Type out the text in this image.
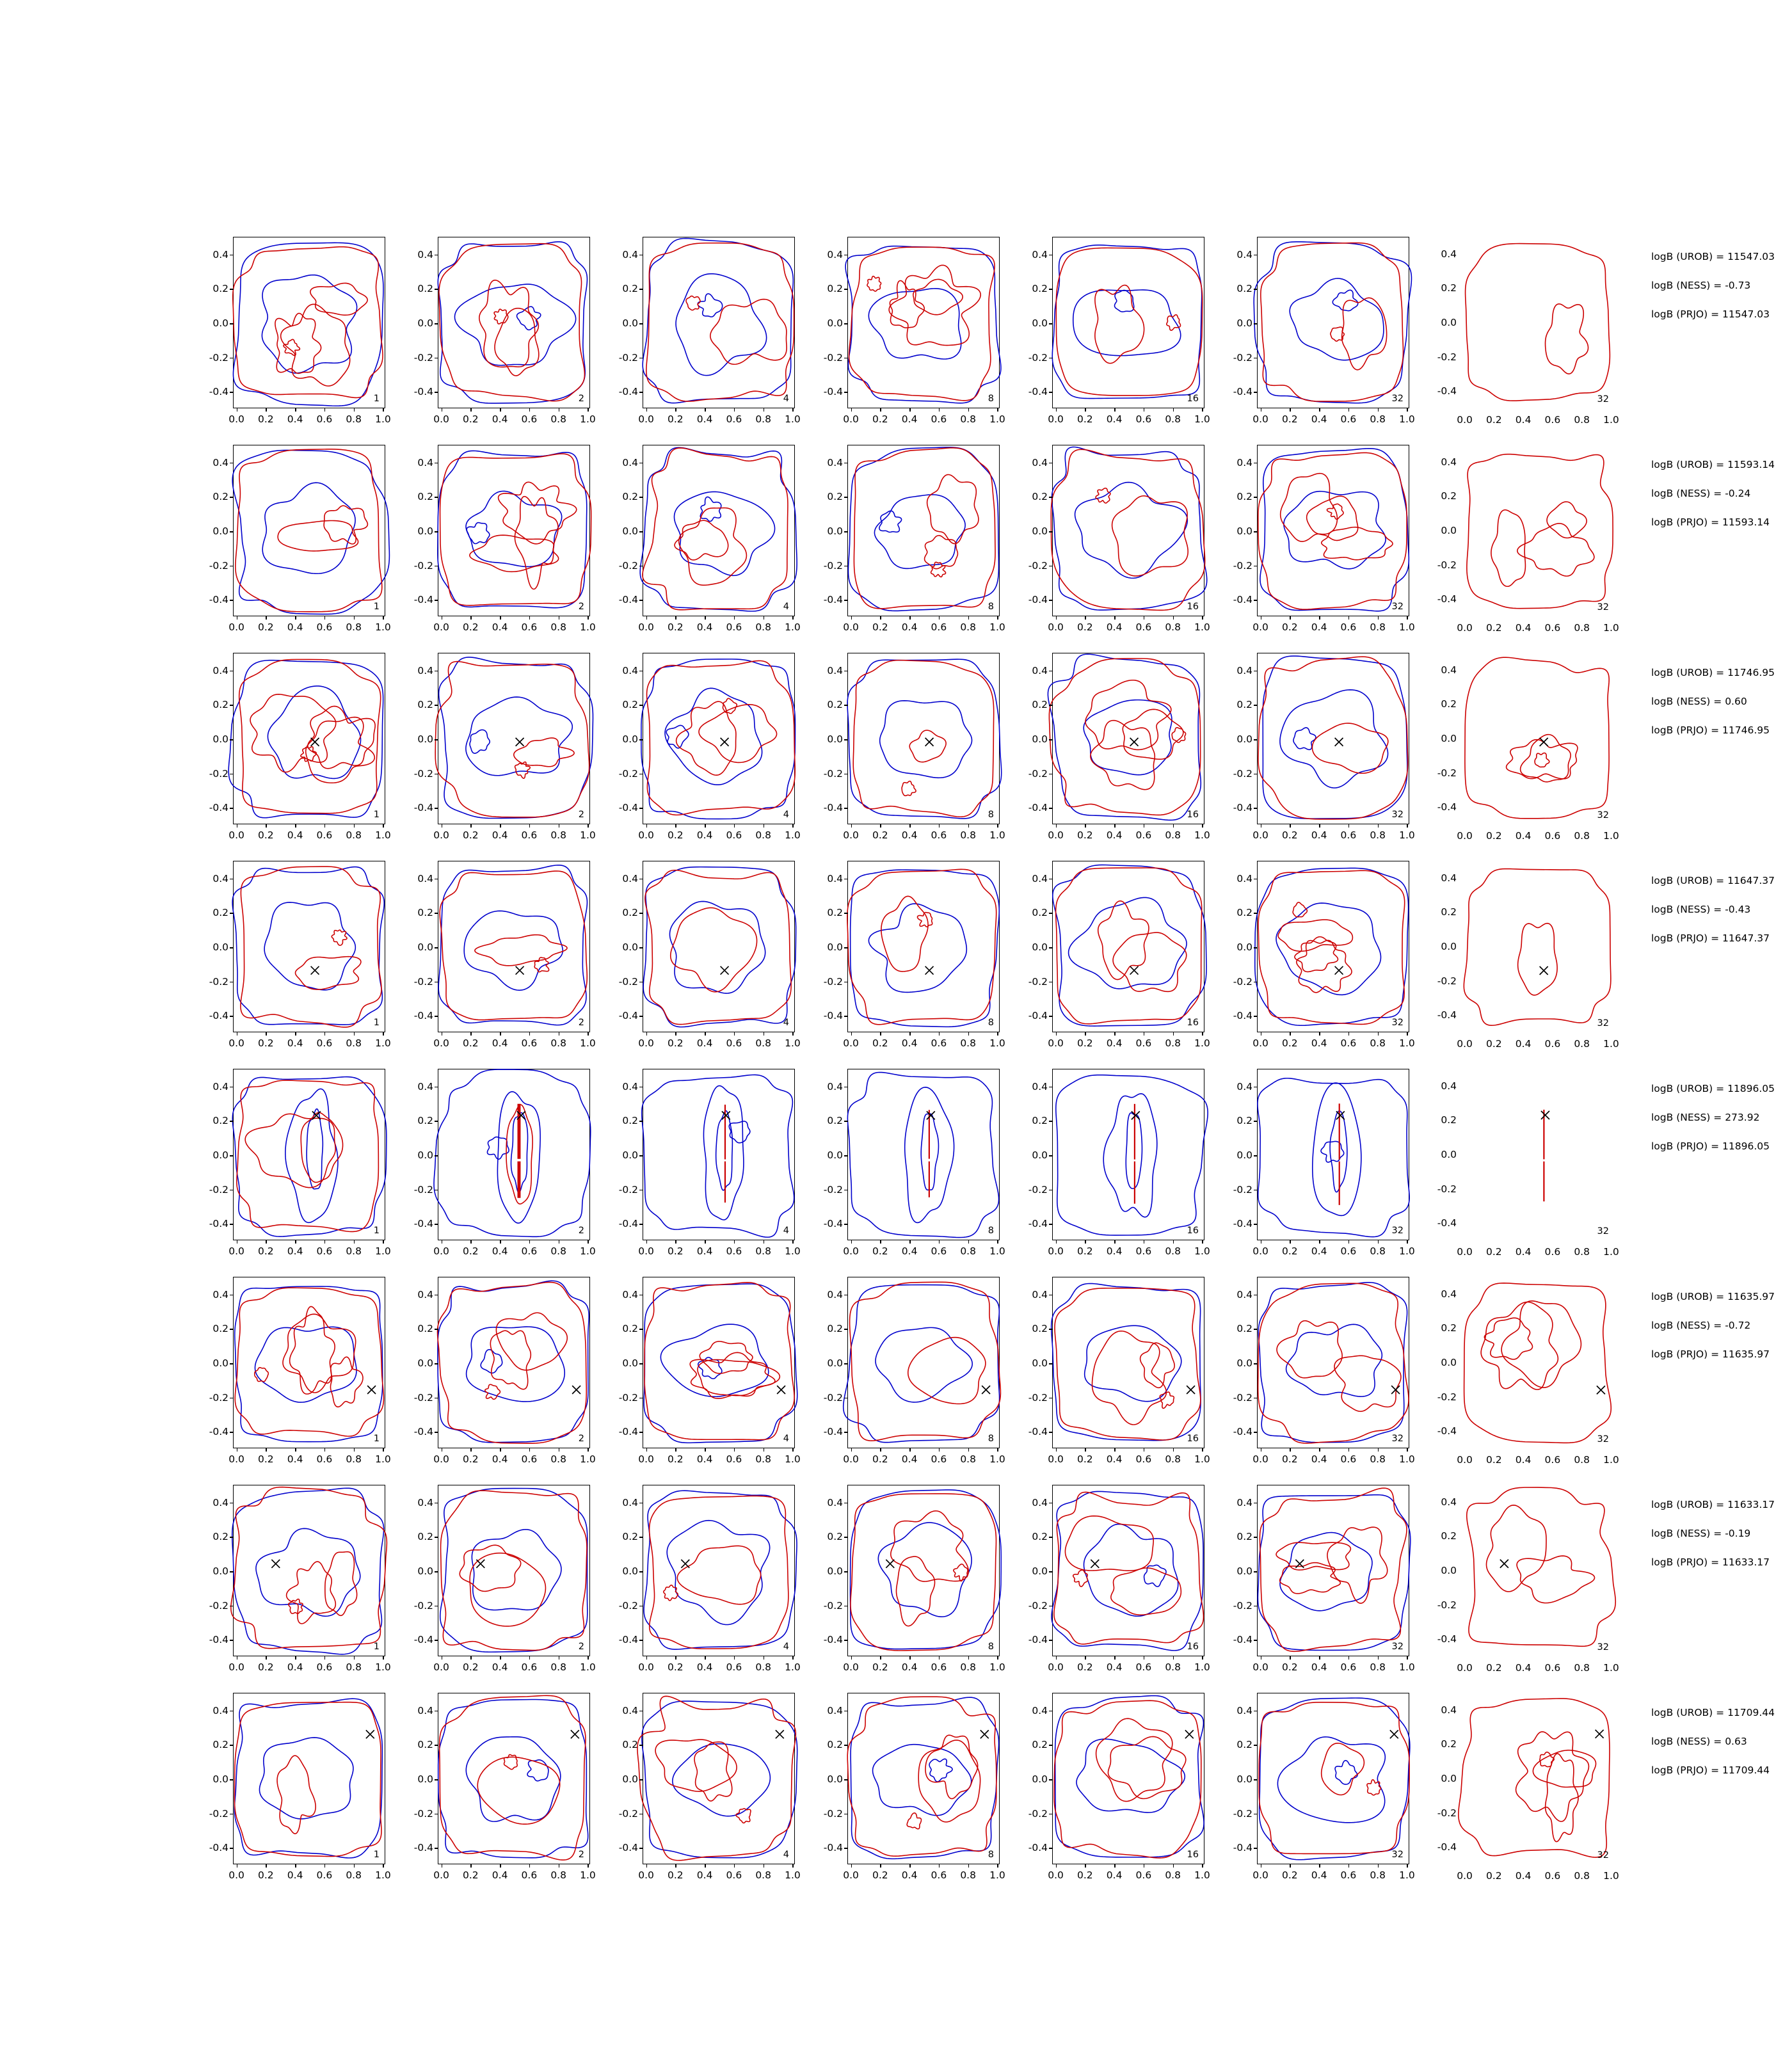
1
-0.4
-0.2
0.0
0.2
0.4
0.0 0.2 0.4 0.6 0.8 1.0
2
-0.4
-0.2
0.0
0.2
0.4
0.0 0.2 0.4 0.6 0.8 1.0
4
-0.4
-0.2
0.0
0.2
0.4
0.0 0.2 0.4 0.6 0.8 1.0
8
-0.4
-0.2
0.0
0.2
0.4
0.0 0.2 0.4 0.6 0.8 1.0
16
-0.4
-0.2
0.0
0.2
0.4
0.0 0.2 0.4 0.6 0.8 1.0
32
-0.4
-0.2
0.0
0.2
0.4
0.0 0.2 0.4 0.6 0.8 1.0
32
-0.4
-0.2
0.0
0.2
0.4
0.0 0.2 0.4 0.6 0.8 1.0
1
-0.4
-0.2
0.0
0.2
0.4
0.0 0.2 0.4 0.6 0.8 1.0
2
-0.4
-0.2
0.0
0.2
0.4
0.0 0.2 0.4 0.6 0.8 1.0
4
-0.4
-0.2
0.0
0.2
0.4
0.0 0.2 0.4 0.6 0.8 1.0
8
-0.4
-0.2
0.0
0.2
0.4
0.0 0.2 0.4 0.6 0.8 1.0
16
-0.4
-0.2
0.0
0.2
0.4
0.0 0.2 0.4 0.6 0.8 1.0
32
-0.4
-0.2
0.0
0.2
0.4
0.0 0.2 0.4 0.6 0.8 1.0
32
-0.4
-0.2
0.0
0.2
0.4
0.0 0.2 0.4 0.6 0.8 1.0
1
-0.4
-0.2
0.0
0.2
0.4
0.0 0.2 0.4 0.6 0.8 1.0
2
-0.4
-0.2
0.0
0.2
0.4
0.0 0.2 0.4 0.6 0.8 1.0
4
-0.4
-0.2
0.0
0.2
0.4
0.0 0.2 0.4 0.6 0.8 1.0
8
-0.4
-0.2
0.0
0.2
0.4
0.0 0.2 0.4 0.6 0.8 1.0
16
-0.4
-0.2
0.0
0.2
0.4
0.0 0.2 0.4 0.6 0.8 1.0
32
-0.4
-0.2
0.0
0.2
0.4
0.0 0.2 0.4 0.6 0.8 1.0
32
-0.4
-0.2
0.0
0.2
0.4
0.0 0.2 0.4 0.6 0.8 1.0
1
-0.4
-0.2
0.0
0.2
0.4
0.0 0.2 0.4 0.6 0.8 1.0
2
-0.4
-0.2
0.0
0.2
0.4
0.0 0.2 0.4 0.6 0.8 1.0
4
-0.4
-0.2
0.0
0.2
0.4
0.0 0.2 0.4 0.6 0.8 1.0
8
-0.4
-0.2
0.0
0.2
0.4
0.0 0.2 0.4 0.6 0.8 1.0
16
-0.4
-0.2
0.0
0.2
0.4
0.0 0.2 0.4 0.6 0.8 1.0
32
-0.4
-0.2
0.0
0.2
0.4
0.0 0.2 0.4 0.6 0.8 1.0
32
-0.4
-0.2
0.0
0.2
0.4
0.0 0.2 0.4 0.6 0.8 1.0
1
-0.4
-0.2
0.0
0.2
0.4
0.0 0.2 0.4 0.6 0.8 1.0
2
-0.4
-0.2
0.0
0.2
0.4
0.0 0.2 0.4 0.6 0.8 1.0
4
-0.4
-0.2
0.0
0.2
0.4
0.0 0.2 0.4 0.6 0.8 1.0
8
-0.4
-0.2
0.0
0.2
0.4
0.0 0.2 0.4 0.6 0.8 1.0
16
-0.4
-0.2
0.0
0.2
0.4
0.0 0.2 0.4 0.6 0.8 1.0
32
-0.4
-0.2
0.0
0.2
0.4
0.0 0.2 0.4 0.6 0.8 1.0
32
-0.4
-0.2
0.0
0.2
0.4
0.0 0.2 0.4 0.6 0.8 1.0
1
-0.4
-0.2
0.0
0.2
0.4
0.0 0.2 0.4 0.6 0.8 1.0
2
-0.4
-0.2
0.0
0.2
0.4
0.0 0.2 0.4 0.6 0.8 1.0
4
-0.4
-0.2
0.0
0.2
0.4
0.0 0.2 0.4 0.6 0.8 1.0
8
-0.4
-0.2
0.0
0.2
0.4
0.0 0.2 0.4 0.6 0.8 1.0
16
-0.4
-0.2
0.0
0.2
0.4
0.0 0.2 0.4 0.6 0.8 1.0
32
-0.4
-0.2
0.0
0.2
0.4
0.0 0.2 0.4 0.6 0.8 1.0
32
-0.4
-0.2
0.0
0.2
0.4
0.0 0.2 0.4 0.6 0.8 1.0
1
-0.4
-0.2
0.0
0.2
0.4
0.0 0.2 0.4 0.6 0.8 1.0
2
-0.4
-0.2
0.0
0.2
0.4
0.0 0.2 0.4 0.6 0.8 1.0
4
-0.4
-0.2
0.0
0.2
0.4
0.0 0.2 0.4 0.6 0.8 1.0
8
-0.4
-0.2
0.0
0.2
0.4
0.0 0.2 0.4 0.6 0.8 1.0
16
-0.4
-0.2
0.0
0.2
0.4
0.0 0.2 0.4 0.6 0.8 1.0
32
-0.4
-0.2
0.0
0.2
0.4
0.0 0.2 0.4 0.6 0.8 1.0
32
-0.4
-0.2
0.0
0.2
0.4
0.0 0.2 0.4 0.6 0.8 1.0
1
-0.4
-0.2
0.0
0.2
0.4
0.0 0.2 0.4 0.6 0.8 1.0
2
-0.4
-0.2
0.0
0.2
0.4
0.0 0.2 0.4 0.6 0.8 1.0
4
-0.4
-0.2
0.0
0.2
0.4
0.0 0.2 0.4 0.6 0.8 1.0
8
-0.4
-0.2
0.0
0.2
0.4
0.0 0.2 0.4 0.6 0.8 1.0
16
-0.4
-0.2
0.0
0.2
0.4
0.0 0.2 0.4 0.6 0.8 1.0
32
-0.4
-0.2
0.0
0.2
0.4
0.0 0.2 0.4 0.6 0.8 1.0
32
-0.4
-0.2
0.0
0.2
0.4
0.0 0.2 0.4 0.6 0.8 1.0
logB (UROB) = 11547.03
logB (NESS) = -0.73
logB (PRJO) = 11547.03
logB (UROB) = 11593.14
logB (NESS) = -0.24
logB (PRJO) = 11593.14
logB (UROB) = 11746.95
logB (NESS) = 0.60
logB (PRJO) = 11746.95
logB (UROB) = 11647.37
logB (NESS) = -0.43
logB (PRJO) = 11647.37
logB (UROB) = 11896.05
logB (NESS) = 273.92
logB (PRJO) = 11896.05
logB (UROB) = 11635.97
logB (NESS) = -0.72
logB (PRJO) = 11635.97
logB (UROB) = 11633.17
logB (NESS) = -0.19
logB (PRJO) = 11633.17
logB (UROB) = 11709.44
logB (NESS) = 0.63
logB (PRJO) = 11709.44
